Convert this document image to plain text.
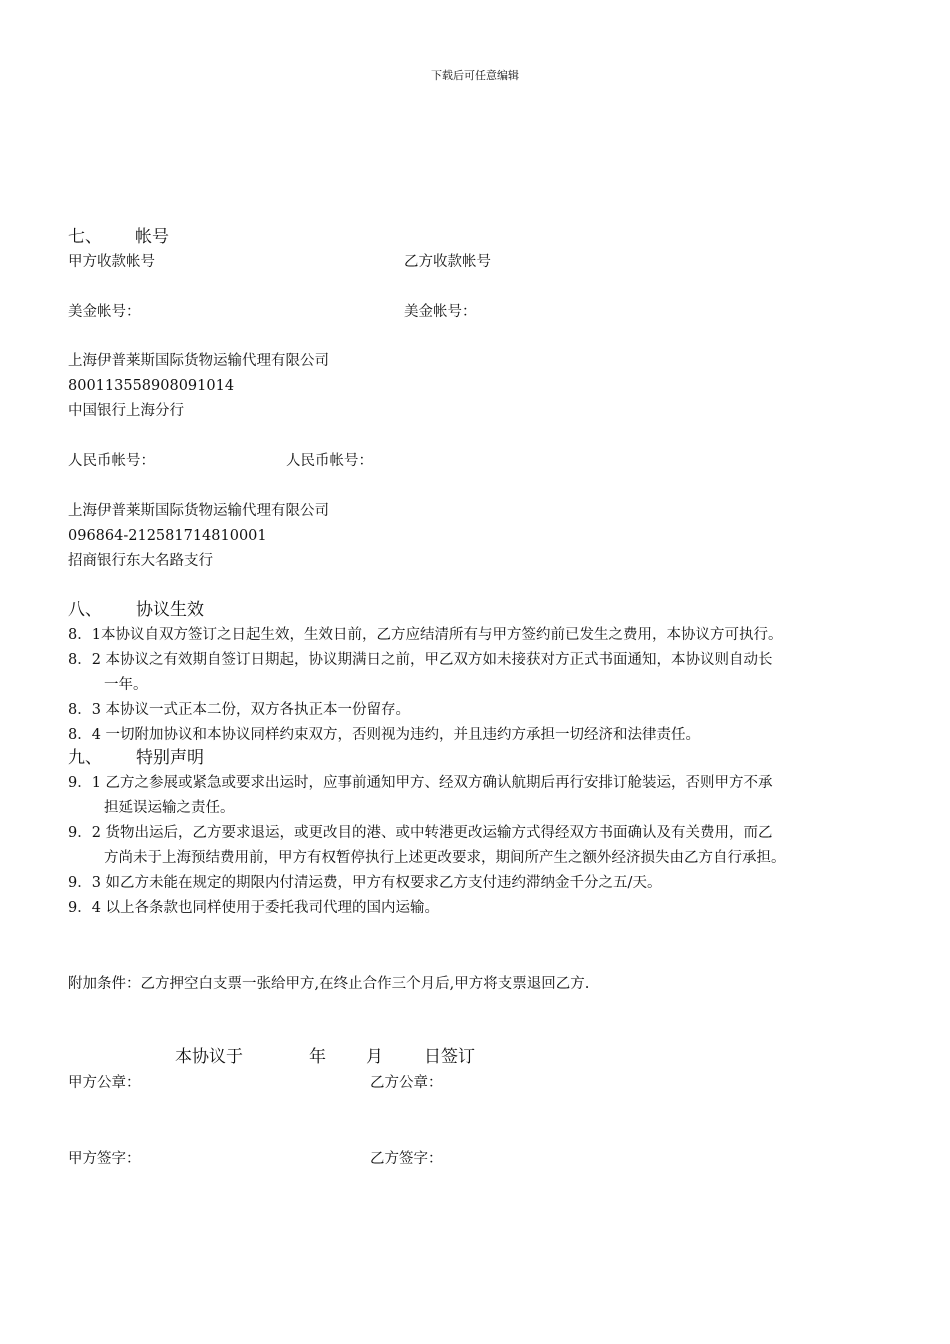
下载后可任意编辑
七、 帐号
甲方收款帐号	乙方收款帐号
美金帐号：	美金帐号：
上海伊普莱斯国际货物运输代理有限公司
800113558908091014
中国银行上海分行
人民币帐号：	人民币帐号：
上海伊普莱斯国际货物运输代理有限公司
096864-212581714810001
招商银行东大名路支行
八、 协议生效
8．1本协议自双方签订之日起生效，生效日前，乙方应结清所有与甲方签约前已发生之费用，本协议方可执行。
8．2 本协议之有效期自签订日期起，协议期满日之前，甲乙双方如未接获对方正式书面通知，本协议则自动长
一年。
8．3 本协议一式正本二份，双方各执正本一份留存。
8．4 一切附加协议和本协议同样约束双方，否则视为违约，并且违约方承担一切经济和法律责任。
九、 特别声明
9．1 乙方之参展或紧急或要求出运时，应事前通知甲方、经双方确认航期后再行安排订舱装运，否则甲方不承
担延误运输之责任。
9．2 货物出运后，乙方要求退运，或更改目的港、或中转港更改运输方式得经双方书面确认及有关费用，而乙
方尚未于上海预结费用前，甲方有权暂停执行上述更改要求，期间所产生之额外经济损失由乙方自行承担。
9．3 如乙方未能在规定的期限内付清运费，甲方有权要求乙方支付违约滞纳金千分之五/天。
9．4 以上各条款也同样使用于委托我司代理的国内运输。
附加条件：乙方押空白支票一张给甲方,在终止合作三个月后,甲方将支票退回乙方.
本协议于	年 月 日签订
甲方公章：	乙方公章：
甲方签字：	乙方签字：
